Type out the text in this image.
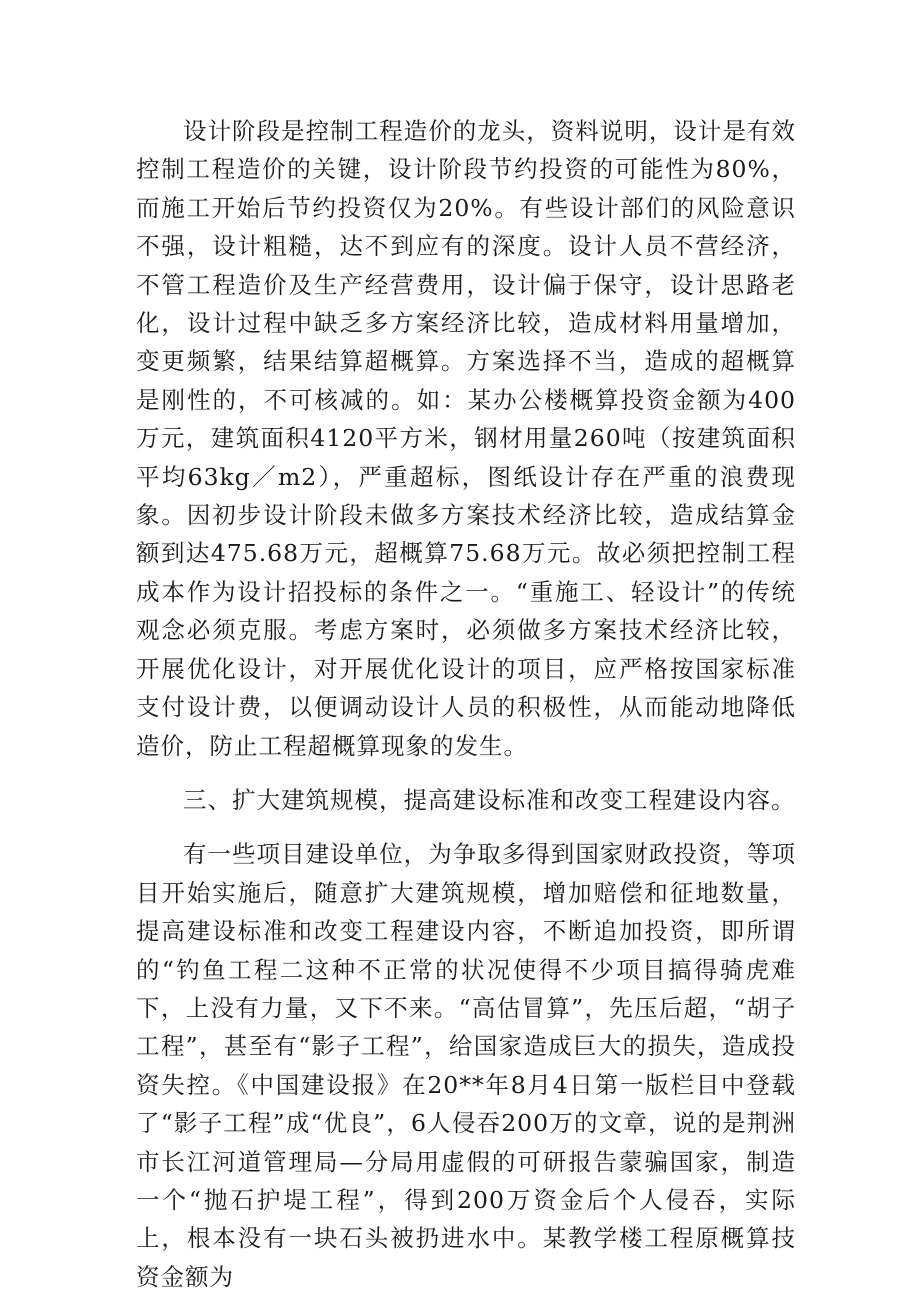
设计阶段是控制工程造价的龙头，资料说明，设计是有效控制工程造价的关键，设计阶段节约投资的可能性为80%，而施工开始后节约投资仅为20%。有些设计部们的风险意识不强，设计粗糙，达不到应有的深度。设计人员不营经济，不管工程造价及生产经营费用，设计偏于保守，设计思路老化，设计过程中缺乏多方案经济比较，造成材料用量增加，变更频繁，结果结算超概算。方案选择不当，造成的超概算是刚性的，不可核减的。如：某办公楼概算投资金额为400万元，建筑面积4120平方米，钢材用量260吨（按建筑面积平均63kg／m2），严重超标，图纸设计存在严重的浪费现象。因初步设计阶段未做多方案技术经济比较，造成结算金额到达475.68万元，超概算75.68万元。故必须把控制工程成本作为设计招投标的条件之一。“重施工、轻设计”的传统观念必须克服。考虑方案时，必须做多方案技术经济比较，开展优化设计，对开展优化设计的项目，应严格按国家标准支付设计费，以便调动设计人员的积极性，从而能动地降低造价，防止工程超概算现象的发生。

三、扩大建筑规模，提高建设标准和改变工程建设内容。

有一些项目建设单位，为争取多得到国家财政投资，等项目开始实施后，随意扩大建筑规模，增加赔偿和征地数量，提高建设标准和改变工程建设内容，不断追加投资，即所谓的“钓鱼工程二这种不正常的状况使得不少项目搞得骑虎难下，上没有力量，又下不来。“高估冒算”，先压后超，“胡子工程”，甚至有“影子工程”，给国家造成巨大的损失，造成投资失控。《中国建设报》在20**年8月4日第一版栏目中登载了“影子工程”成“优良”，6人侵吞200万的文章，说的是荆洲市长江河道管理局—分局用虚假的可研报告蒙骗国家，制造一个“抛石护堤工程”，得到200万资金后个人侵吞，实际上，根本没有一块石头被扔进水中。某教学楼工程原概算技资金额为
